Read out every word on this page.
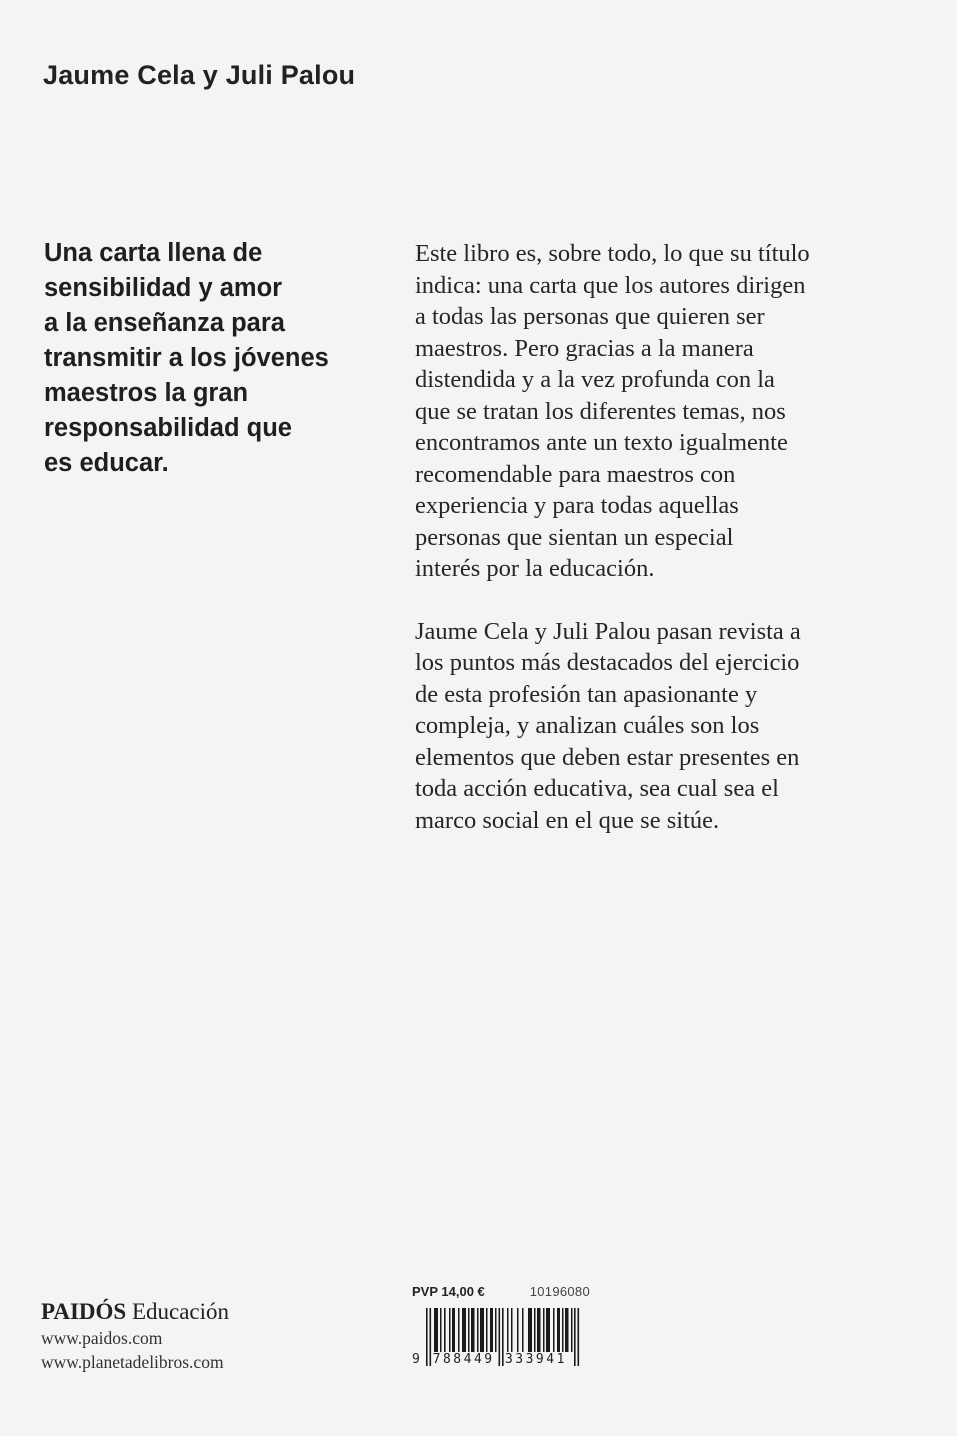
Jaume Cela y Juli Palou
Una carta llena de
sensibilidad y amor
a la enseñanza para
transmitir a los jóvenes
maestros la gran
responsabilidad que
es educar.

Este libro es, sobre todo, lo que su título
indica: una carta que los autores dirigen
a todas las personas que quieren ser
maestros. Pero gracias a la manera
distendida y a la vez profunda con la
que se tratan los diferentes temas, nos
encontramos ante un texto igualmente
recomendable para maestros con
experiencia y para todas aquellas
personas que sientan un especial
interés por la educación.

Jaume Cela y Juli Palou pasan revista a
los puntos más destacados del ejercicio
de esta profesión tan apasionante y
compleja, y analizan cuáles son los
elementos que deben estar presentes en
toda acción educativa, sea cual sea el
marco social en el que se sitúe.

PAIDÓS Educación
www.paidos.com
www.planetadelibros.com
PVP 14,00 €	10196080
9 788449 333941
